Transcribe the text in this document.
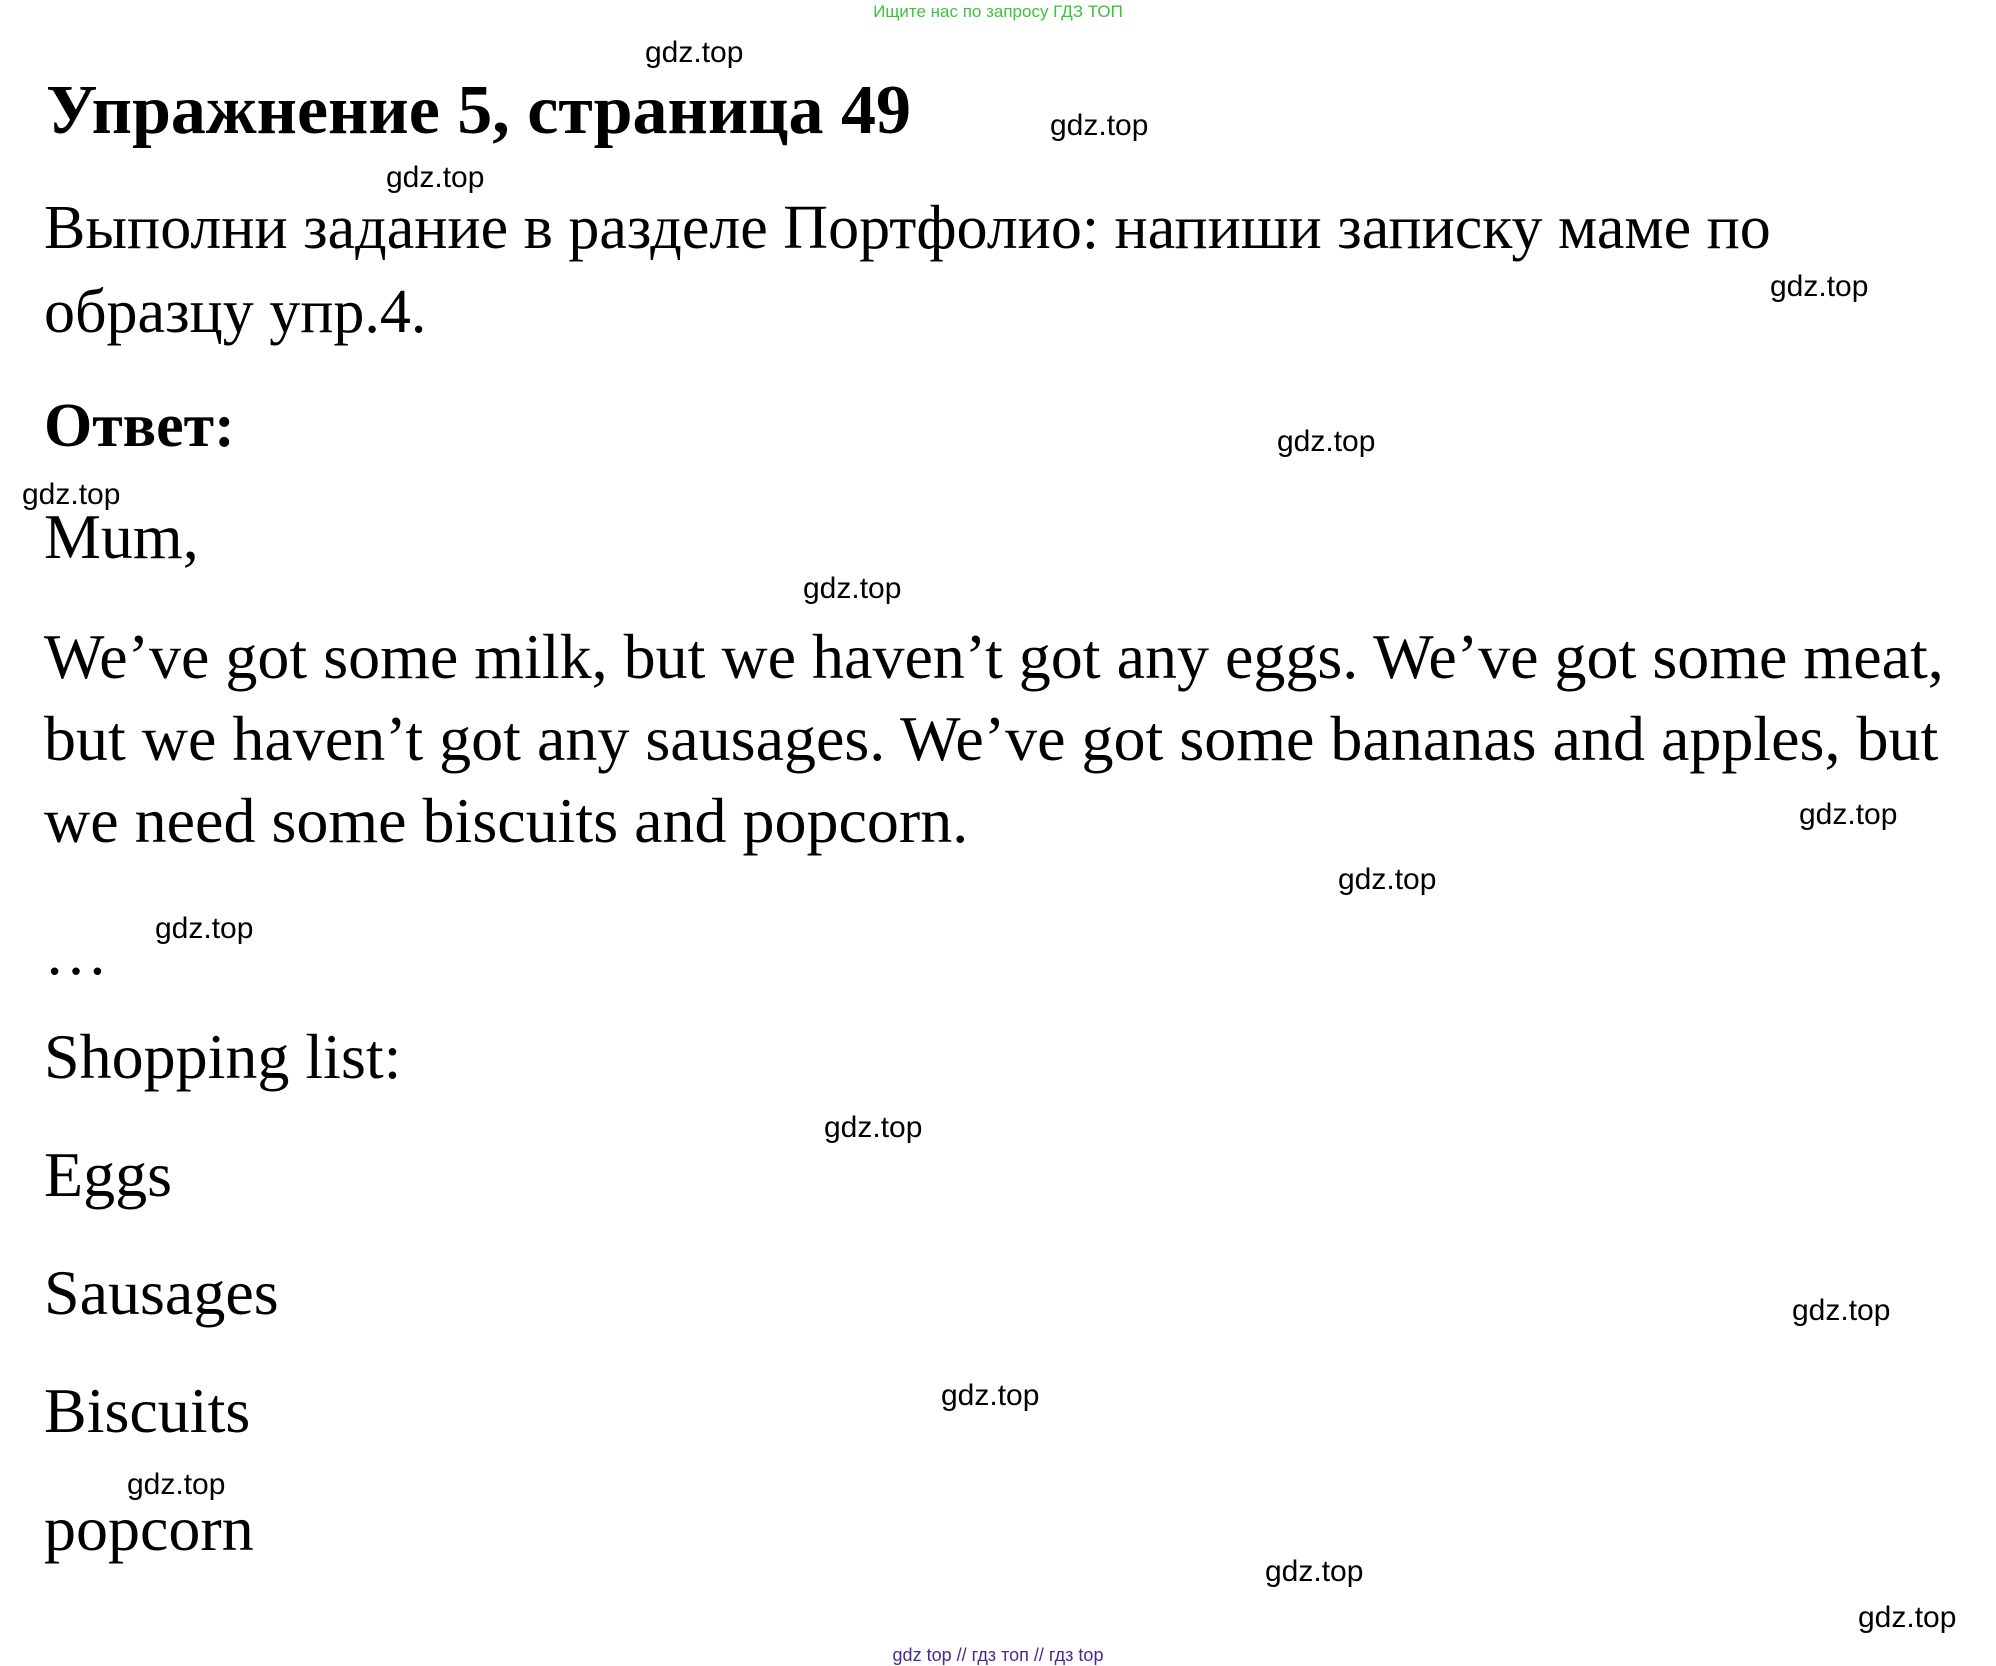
Ищите нас по запросу ГДЗ ТОП
Упражнение 5, страница 49
Выполни задание в разделе Портфолио: напиши записку маме по образцу упр.4.
Ответ:
Mum,
We’ve got some milk, but we haven’t got any eggs. We’ve got some meat, but we haven’t got any sausages. We’ve got some bananas and apples, but we need some biscuits and popcorn.
…
Shopping list:
Eggs
Sausages
Biscuits
popcorn
gdz.top
gdz.top
gdz.top
gdz.top
gdz.top
gdz.top
gdz.top
gdz.top
gdz.top
gdz.top
gdz.top
gdz.top
gdz.top
gdz.top
gdz.top
gdz.top
gdz top // гдз топ // гдз top
